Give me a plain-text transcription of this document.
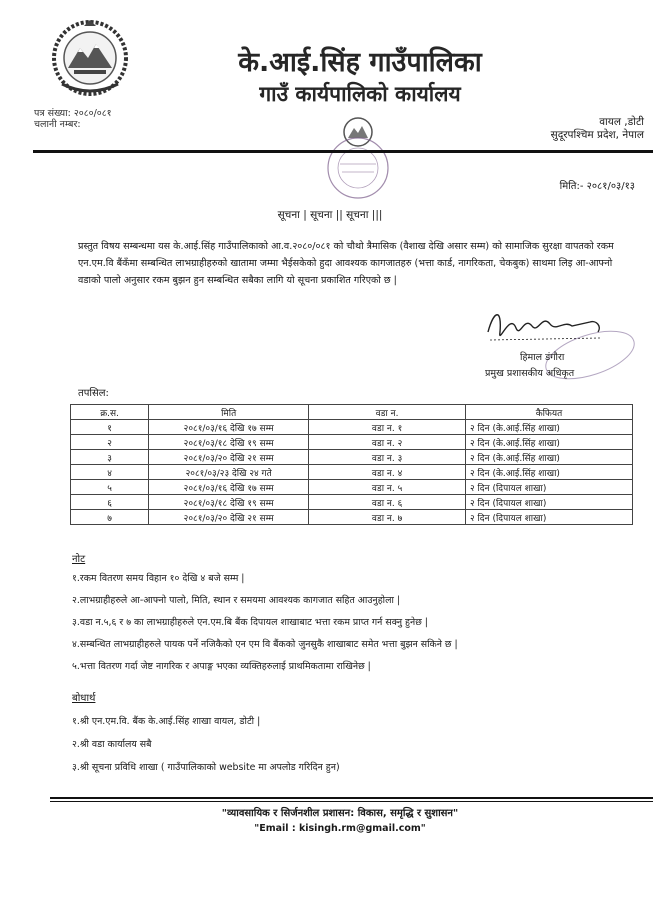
के.आई.सिंह गाउँपालिका
गाउँ कार्यपालिको कार्यालय
पत्र संख्या: २०८०/०८१
चलानी नम्बर:	वायल ,डोटी
सुदूरपश्चिम प्रदेश, नेपाल
मिति:- २०८१/०३/१३
सूचना | सूचना || सूचना |||
प्रस्तुत विषय सम्बन्धमा यस के.आई.सिंह गाउँपालिकाको आ.व.२०८०/०८१ को चौथो त्रैमासिक (वैशाख देखि असार सम्म) को सामाजिक सुरक्षा वापतको रकम एन.एम.वि बैंकँमा सम्बन्धित लाभग्राहीहरुको खातामा जम्मा भैईसकेको हुदा आवश्यक कागजातहरु (भत्ता कार्ड, नागरिकता, चेकबुक) साथमा लिइ आ-आफ्नो वडाको पालो अनुसार रकम बुझन हुन सम्बन्धित सबैका लागि यो सूचना प्रकाशित गरिएको छ |
हिमाल डंगौरा
प्रमुख प्रशासकीय अधिकृत
तपसिल:
क्र.स.	मिति	वडा न.	कैफियत
१	२०८१/०३/१६ देखि १७ सम्म	वडा न. १	२ दिन (के.आई.सिंह शाखा)
२	२०८१/०३/१८ देखि १९ सम्म	वडा न. २	२ दिन (के.आई.सिंह शाखा)
३	२०८१/०३/२० देखि २१ सम्म	वडा न. ३	२ दिन (के.आई.सिंह शाखा)
४	२०८१/०३/२३ देखि २४ गते	वडा न. ४	२ दिन (के.आई.सिंह शाखा)
५	२०८१/०३/१६ देखि १७ सम्म	वडा न. ५	२ दिन (दिपायल शाखा)
६	२०८१/०३/१८ देखि १९ सम्म	वडा न. ६	२ दिन (दिपायल शाखा)
७	२०८१/०३/२० देखि २१ सम्म	वडा न. ७	२ दिन (दिपायल शाखा)
नोट
१.रकम वितरण समय विहान १० देखि ४ बजे सम्म |
२.लाभग्राहीहरुले आ-आफ्नो पालो, मिति, स्थान र समयमा आवश्यक कागजात सहित आउनुहोला |
३.वडा न.५,६ र ७ का लाभग्राहीहरुले एन.एम.बि बैंक दिपायल शाखाबाट भत्ता रकम प्राप्त गर्न सक्नु हुनेछ |
४.सम्बन्धित लाभग्राहीहरुले पायक पर्ने नजिकैको एन एम वि बैंकको जुनसुकै शाखाबाट समेत भत्ता बुझन सकिने छ |
५.भत्ता वितरण गर्दा जेष्ट नागरिक र अपाङ्ग भएका व्यक्तिहरुलाई प्राथमिकतामा राखिनेछ |
बोधार्थ
१.श्री एन.एम.वि. बैंक के.आई.सिंह शाखा वायल, डोटी |
२.श्री वडा कार्यालय सबै
३.श्री सूचना प्रविधि शाखा ( गाउँपालिकाको website मा अपलोड गरिदिन हुन)
"व्यावसायिक र सिर्जनशील प्रशासन: विकास, समृद्धि र सुशासन"
"Email : kisingh.rm@gmail.com"
